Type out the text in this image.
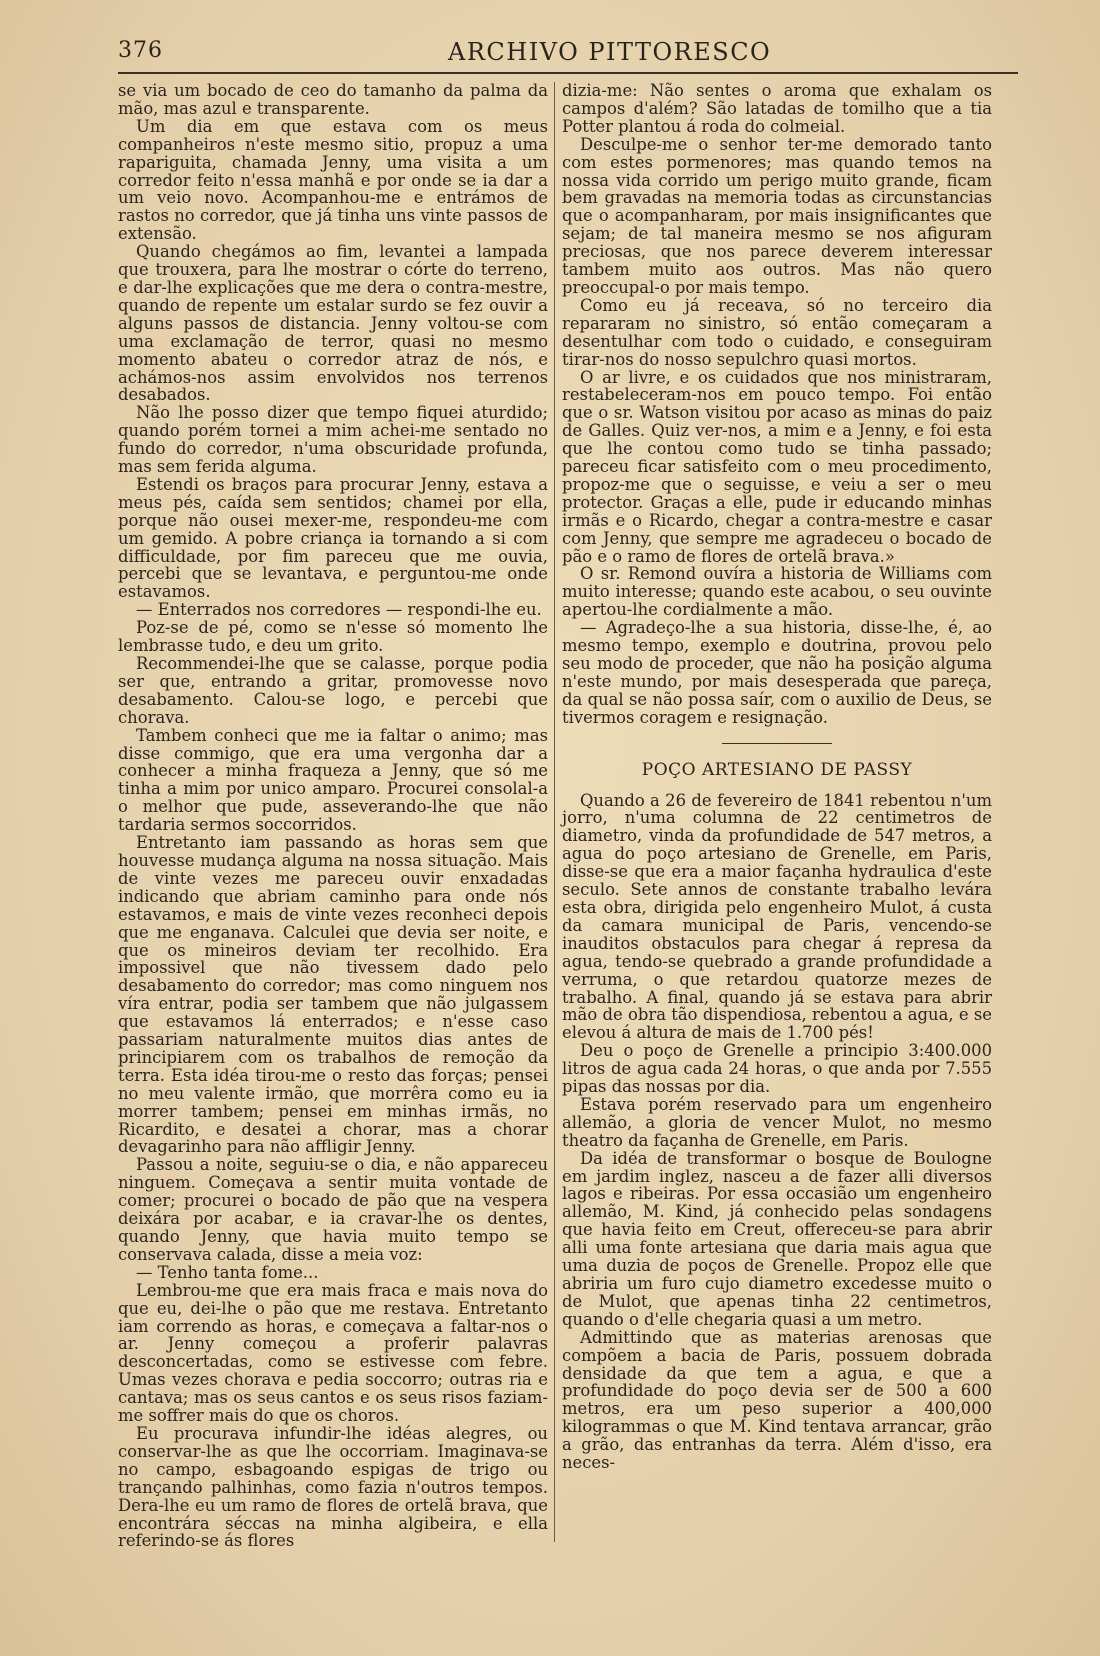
376	ARCHIVO PITTORESCO

se via um bocado de ceo do tamanho da palma da mão, mas azul e transparente.

Um dia em que estava com os meus companheiros n'este mesmo sitio, propuz a uma rapariguita, chamada Jenny, uma visita a um corredor feito n'essa manhã e por onde se ia dar a um veio novo. Acompanhou-me e entrámos de rastos no corredor, que já tinha uns vinte passos de extensão.

Quando chegámos ao fim, levantei a lampada que trouxera, para lhe mostrar o córte do terreno, e dar-lhe explicações que me dera o contra-mestre, quando de repente um estalar surdo se fez ouvir a alguns passos de distancia. Jenny voltou-se com uma exclamação de terror, quasi no mesmo momento abateu o corredor atraz de nós, e achámos-nos assim envolvidos nos terrenos desabados.

Não lhe posso dizer que tempo fiquei aturdido; quando porém tornei a mim achei-me sentado no fundo do corredor, n'uma obscuridade profunda, mas sem ferida alguma.

Estendi os braços para procurar Jenny, estava a meus pés, caída sem sentidos; chamei por ella, porque não ousei mexer-me, respondeu-me com um gemido. A pobre criança ia tornando a si com difficuldade, por fim pareceu que me ouvia, percebi que se levantava, e perguntou-me onde estavamos.

— Enterrados nos corredores — respondi-lhe eu.

Poz-se de pé, como se n'esse só momento lhe lembrasse tudo, e deu um grito.

Recommendei-lhe que se calasse, porque podia ser que, entrando a gritar, promovesse novo desabamento. Calou-se logo, e percebi que chorava.

Tambem conheci que me ia faltar o animo; mas disse commigo, que era uma vergonha dar a conhecer a minha fraqueza a Jenny, que só me tinha a mim por unico amparo. Procurei consolal-a o melhor que pude, asseverando-lhe que não tardaria sermos soccorridos.

Entretanto iam passando as horas sem que houvesse mudança alguma na nossa situação. Mais de vinte vezes me pareceu ouvir enxadadas indicando que abriam caminho para onde nós estavamos, e mais de vinte vezes reconheci depois que me enganava. Calculei que devia ser noite, e que os mineiros deviam ter recolhido. Era impossivel que não tivessem dado pelo desabamento do corredor; mas como ninguem nos víra entrar, podia ser tambem que não julgassem que estavamos lá enterrados; e n'esse caso passariam naturalmente muitos dias antes de principiarem com os trabalhos de remoção da terra. Esta idéa tirou-me o resto das forças; pensei no meu valente irmão, que morrêra como eu ia morrer tambem; pensei em minhas irmãs, no Ricardito, e desatei a chorar, mas a chorar devagarinho para não affligir Jenny.

Passou a noite, seguiu-se o dia, e não appareceu ninguem. Começava a sentir muita vontade de comer; procurei o bocado de pão que na vespera deixára por acabar, e ia cravar-lhe os dentes, quando Jenny, que havia muito tempo se conservava calada, disse a meia voz:

— Tenho tanta fome...

Lembrou-me que era mais fraca e mais nova do que eu, dei-lhe o pão que me restava. Entretanto iam correndo as horas, e começava a faltar-nos o ar. Jenny começou a proferir palavras desconcertadas, como se estivesse com febre. Umas vezes chorava e pedia soccorro; outras ria e cantava; mas os seus cantos e os seus risos faziam-me soffrer mais do que os choros.

Eu procurava infundir-lhe idéas alegres, ou conservar-lhe as que lhe occorriam. Imaginava-se no campo, esbagoando espigas de trigo ou trançando palhinhas, como fazia n'outros tempos. Dera-lhe eu um ramo de flores de ortelã brava, que encontrára séccas na minha algibeira, e ella referindo-se ás flores

dizia-me: Não sentes o aroma que exhalam os campos d'além? São latadas de tomilho que a tia Potter plantou á roda do colmeial.

Desculpe-me o senhor ter-me demorado tanto com estes pormenores; mas quando temos na nossa vida corrido um perigo muito grande, ficam bem gravadas na memoria todas as circunstancias que o acompanharam, por mais insignificantes que sejam; de tal maneira mesmo se nos afiguram preciosas, que nos parece deverem interessar tambem muito aos outros. Mas não quero preoccupal-o por mais tempo.

Como eu já receava, só no terceiro dia repararam no sinistro, só então começaram a desentulhar com todo o cuidado, e conseguiram tirar-nos do nosso sepulchro quasi mortos.

O ar livre, e os cuidados que nos ministraram, restabeleceram-nos em pouco tempo. Foi então que o sr. Watson visitou por acaso as minas do paiz de Galles. Quiz ver-nos, a mim e a Jenny, e foi esta que lhe contou como tudo se tinha passado; pareceu ficar satisfeito com o meu procedimento, propoz-me que o seguisse, e veiu a ser o meu protector. Graças a elle, pude ir educando minhas irmãs e o Ricardo, chegar a contra-mestre e casar com Jenny, que sempre me agradeceu o bocado de pão e o ramo de flores de ortelã brava.»

O sr. Remond ouvíra a historia de Williams com muito interesse; quando este acabou, o seu ouvinte apertou-lhe cordialmente a mão.

— Agradeço-lhe a sua historia, disse-lhe, é, ao mesmo tempo, exemplo e doutrina, provou pelo seu modo de proceder, que não ha posição alguma n'este mundo, por mais desesperada que pareça, da qual se não possa saír, com o auxilio de Deus, se tivermos coragem e resignação.

POÇO ARTESIANO DE PASSY

Quando a 26 de fevereiro de 1841 rebentou n'um jorro, n'uma columna de 22 centimetros de diametro, vinda da profundidade de 547 metros, a agua do poço artesiano de Grenelle, em Paris, disse-se que era a maior façanha hydraulica d'este seculo. Sete annos de constante trabalho levára esta obra, dirigida pelo engenheiro Mulot, á custa da camara municipal de Paris, vencendo-se inauditos obstaculos para chegar á represa da agua, tendo-se quebrado a grande profundidade a verruma, o que retardou quatorze mezes de trabalho. A final, quando já se estava para abrir mão de obra tão dispendiosa, rebentou a agua, e se elevou á altura de mais de 1.700 pés!

Deu o poço de Grenelle a principio 3:400.000 litros de agua cada 24 horas, o que anda por 7.555 pipas das nossas por dia.

Estava porém reservado para um engenheiro allemão, a gloria de vencer Mulot, no mesmo theatro da façanha de Grenelle, em Paris.

Da idéa de transformar o bosque de Boulogne em jardim inglez, nasceu a de fazer alli diversos lagos e ribeiras. Por essa occasião um engenheiro allemão, M. Kind, já conhecido pelas sondagens que havia feito em Creut, offereceu-se para abrir alli uma fonte artesiana que daria mais agua que uma duzia de poços de Grenelle. Propoz elle que abriria um furo cujo diametro excedesse muito o de Mulot, que apenas tinha 22 centimetros, quando o d'elle chegaria quasi a um metro.

Admittindo que as materias arenosas que compõem a bacia de Paris, possuem dobrada densidade da que tem a agua, e que a profundidade do poço devia ser de 500 a 600 metros, era um peso superior a 400,000 kilogrammas o que M. Kind tentava arrancar, grão a grão, das entranhas da terra. Além d'isso, era neces-
